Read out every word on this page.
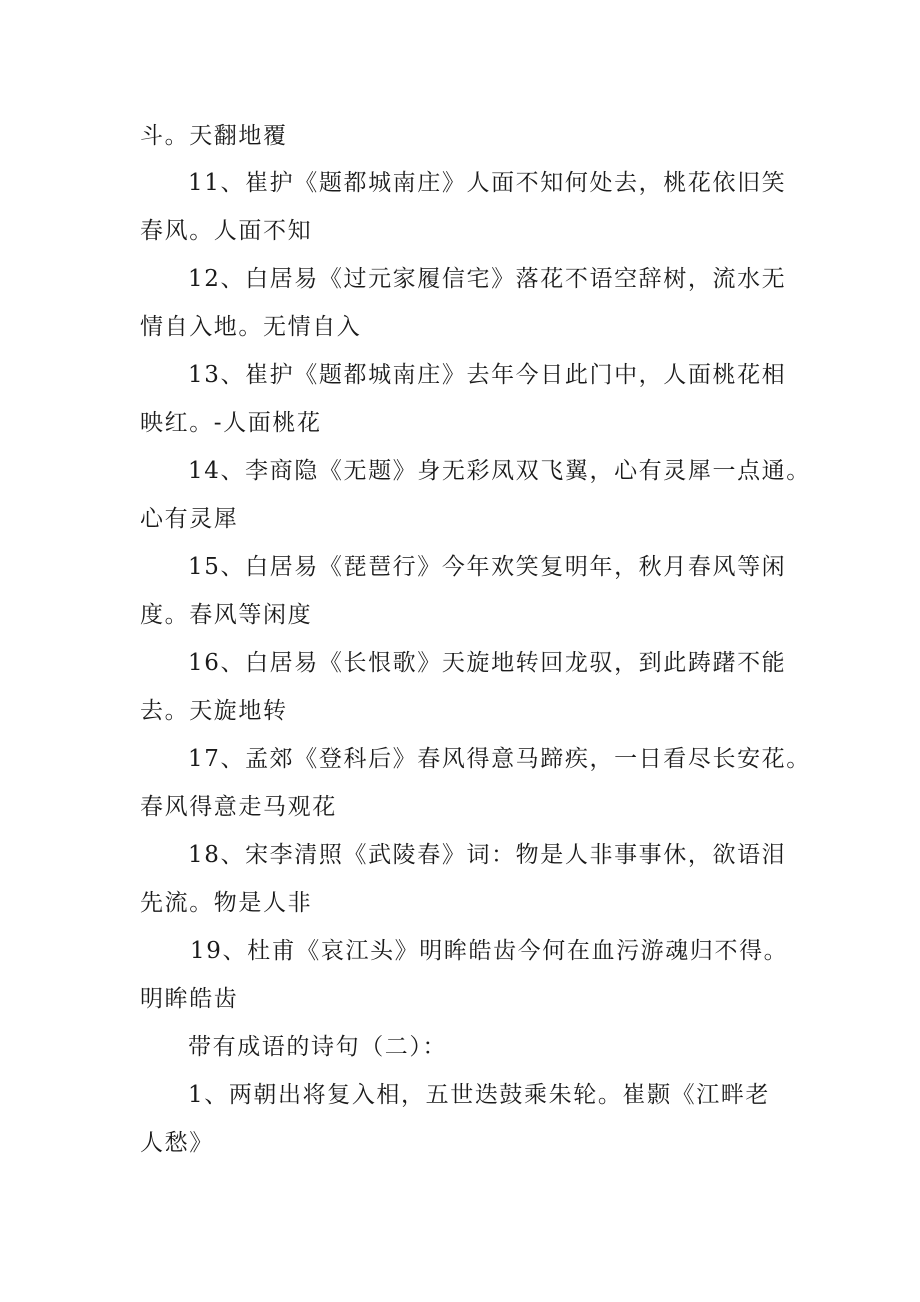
斗。天翻地覆
11、崔护《题都城南庄》人面不知何处去，桃花依旧笑
春风。人面不知
12、白居易《过元家履信宅》落花不语空辞树，流水无
情自入地。无情自入
13、崔护《题都城南庄》去年今日此门中，人面桃花相
映红。-人面桃花
14、李商隐《无题》身无彩凤双飞翼，心有灵犀一点通。
心有灵犀
15、白居易《琵琶行》今年欢笑复明年，秋月春风等闲
度。春风等闲度
16、白居易《长恨歌》天旋地转回龙驭，到此踌躇不能
去。天旋地转
17、孟郊《登科后》春风得意马蹄疾，一日看尽长安花。
春风得意走马观花
18、宋李清照《武陵春》词：物是人非事事休，欲语泪
先流。物是人非
19、杜甫《哀江头》明眸皓齿今何在血污游魂归不得。
明眸皓齿
带有成语的诗句（二）：
1、两朝出将复入相，五世迭鼓乘朱轮。崔颢《江畔老
人愁》
